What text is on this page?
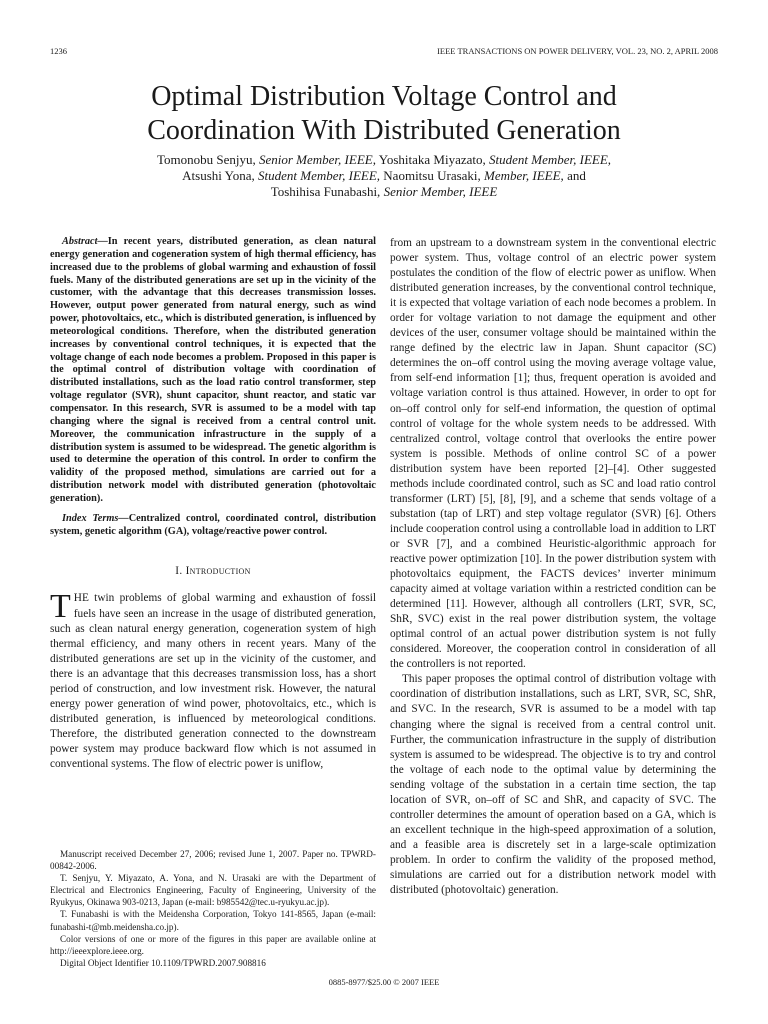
1236	IEEE TRANSACTIONS ON POWER DELIVERY, VOL. 23, NO. 2, APRIL 2008
Optimal Distribution Voltage Control and
Coordination With Distributed Generation
Tomonobu Senjyu, Senior Member, IEEE, Yoshitaka Miyazato, Student Member, IEEE,
Atsushi Yona, Student Member, IEEE, Naomitsu Urasaki, Member, IEEE, and
Toshihisa Funabashi, Senior Member, IEEE

Abstract—In recent years, distributed generation, as clean natural energy generation and cogeneration system of high thermal efficiency, has increased due to the problems of global warming and exhaustion of fossil fuels. Many of the distributed generations are set up in the vicinity of the customer, with the advantage that this decreases transmission losses. However, output power generated from natural energy, such as wind power, photovoltaics, etc., which is distributed generation, is influenced by meteorological conditions. Therefore, when the distributed generation increases by conventional control techniques, it is expected that the voltage change of each node becomes a problem. Proposed in this paper is the optimal control of distribution voltage with coordination of distributed installations, such as the load ratio control transformer, step voltage regulator (SVR), shunt capacitor, shunt reactor, and static var compensator. In this research, SVR is assumed to be a model with tap changing where the signal is received from a central control unit. Moreover, the communication infrastructure in the supply of a distribution system is assumed to be widespread. The genetic algorithm is used to determine the operation of this control. In order to confirm the validity of the proposed method, simulations are carried out for a distribution network model with distributed generation (photovoltaic generation).

Index Terms—Centralized control, coordinated control, distribution system, genetic algorithm (GA), voltage/reactive power control.

I. Introduction

THE twin problems of global warming and exhaustion of fossil fuels have seen an increase in the usage of distributed generation, such as clean natural energy generation, cogeneration system of high thermal efficiency, and many others in recent years. Many of the distributed generations are set up in the vicinity of the customer, and there is an advantage that this decreases transmission loss, has a short period of construction, and low investment risk. However, the natural energy power generation of wind power, photovoltaics, etc., which is distributed generation, is influenced by meteorological conditions. Therefore, the distributed generation connected to the downstream power system may produce backward flow which is not assumed in conventional systems. The flow of electric power is uniflow,

Manuscript received December 27, 2006; revised June 1, 2007. Paper no. TPWRD-00842-2006.

T. Senjyu, Y. Miyazato, A. Yona, and N. Urasaki are with the Department of Electrical and Electronics Engineering, Faculty of Engineering, University of the Ryukyus, Okinawa 903-0213, Japan (e-mail: b985542@tec.u-ryukyu.ac.jp).

T. Funabashi is with the Meidensha Corporation, Tokyo 141-8565, Japan (e-mail: funabashi-t@mb.meidensha.co.jp).

Color versions of one or more of the figures in this paper are available online at http://ieeexplore.ieee.org.

Digital Object Identifier 10.1109/TPWRD.2007.908816

from an upstream to a downstream system in the conventional electric power system. Thus, voltage control of an electric power system postulates the condition of the flow of electric power as uniflow. When distributed generation increases, by the conventional control technique, it is expected that voltage variation of each node becomes a problem. In order for voltage variation to not damage the equipment and other devices of the user, consumer voltage should be maintained within the range defined by the electric law in Japan. Shunt capacitor (SC) determines the on–off control using the moving average voltage value, from self-end information [1]; thus, frequent operation is avoided and voltage variation control is thus attained. However, in order to opt for on–off control only for self-end information, the question of optimal control of voltage for the whole system needs to be addressed. With centralized control, voltage control that overlooks the entire power system is possible. Methods of online control SC of a power distribution system have been reported [2]–[4]. Other suggested methods include coordinated control, such as SC and load ratio control transformer (LRT) [5], [8], [9], and a scheme that sends voltage of a substation (tap of LRT) and step voltage regulator (SVR) [6]. Others include cooperation control using a controllable load in addition to LRT or SVR [7], and a combined Heuristic-algorithmic approach for reactive power optimization [10]. In the power distribution system with photovoltaics equipment, the FACTS devices’ inverter minimum capacity aimed at voltage variation within a restricted condition can be determined [11]. However, although all controllers (LRT, SVR, SC, ShR, SVC) exist in the real power distribution system, the voltage optimal control of an actual power distribution system is not fully considered. Moreover, the cooperation control in consideration of all the controllers is not reported.

This paper proposes the optimal control of distribution voltage with coordination of distribution installations, such as LRT, SVR, SC, ShR, and SVC. In the research, SVR is assumed to be a model with tap changing where the signal is received from a central control unit. Further, the communication infrastructure in the supply of distribution system is assumed to be widespread. The objective is to try and control the voltage of each node to the optimal value by determining the sending voltage of the substation in a certain time section, the tap location of SVR, on–off of SC and ShR, and capacity of SVC. The controller determines the amount of operation based on a GA, which is an excellent technique in the high-speed approximation of a solution, and a feasible area is discretely set in a large-scale optimization problem. In order to confirm the validity of the proposed method, simulations are carried out for a distribution network model with distributed (photovoltaic) generation.

0885-8977/$25.00 © 2007 IEEE
